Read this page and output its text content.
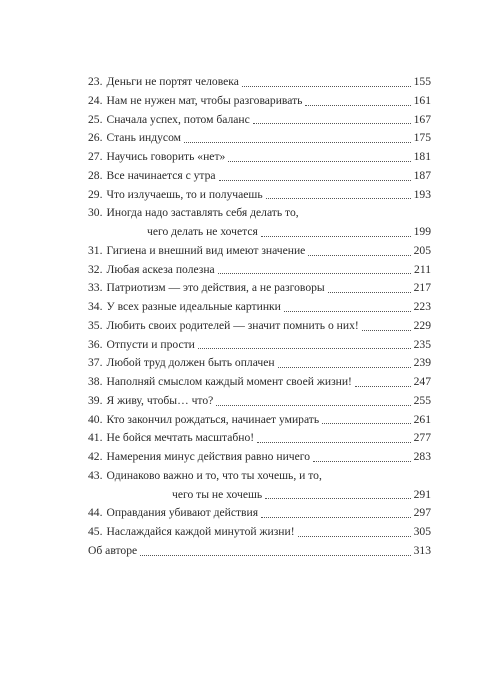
23. Деньги не портят человека	155
24. Нам не нужен мат, чтобы разговаривать	161
25. Сначала успех, потом баланс	167
26. Стань индусом	175
27. Научись говорить «нет»	181
28. Все начинается с утра	187
29. Что излучаешь, то и получаешь	193
30. Иногда надо заставлять себя делать то,
чего делать не хочется	199
31. Гигиена и внешний вид имеют значение	205
32. Любая аскеза полезна	211
33. Патриотизм — это действия, а не разговоры	217
34. У всех разные идеальные картинки	223
35. Любить своих родителей — значит помнить о них!	229
36. Отпусти и прости	235
37. Любой труд должен быть оплачен	239
38. Наполняй смыслом каждый момент своей жизни!	247
39. Я живу, чтобы… что?	255
40. Кто закончил рождаться, начинает умирать	261
41. Не бойся мечтать масштабно!	277
42. Намерения минус действия равно ничего	283
43. Одинаково важно и то, что ты хочешь, и то,
чего ты не хочешь	291
44. Оправдания убивают действия	297
45. Наслаждайся каждой минутой жизни!	305
Об авторе	313
